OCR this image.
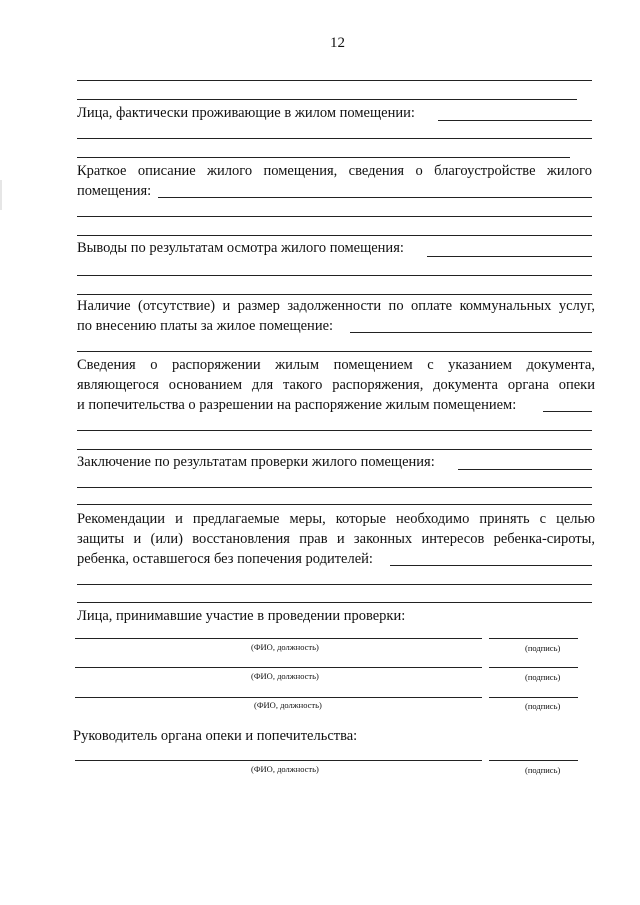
12
Лица, фактически проживающие в жилом помещении:
Краткое описание жилого помещения, сведения о благоустройстве жилого
помещения:
Выводы по результатам осмотра жилого помещения:
Наличие (отсутствие) и размер задолженности по оплате коммунальных услуг,
по внесению платы за жилое помещение:
Сведения о распоряжении жилым помещением с указанием документа,
являющегося основанием для такого распоряжения, документа органа опеки
и попечительства о разрешении на распоряжение жилым помещением:
Заключение по результатам проверки жилого помещения:
Рекомендации и предлагаемые меры, которые необходимо принять с целью
защиты и (или) восстановления прав и законных интересов ребенка-сироты,
ребенка, оставшегося без попечения родителей:
Лица, принимавшие участие в проведении проверки:
(ФИО, должность)	(подпись)
(ФИО, должность)	(подпись)
(ФИО, должность)	(подпись)
Руководитель органа опеки и попечительства:
(ФИО, должность)	(подпись)
